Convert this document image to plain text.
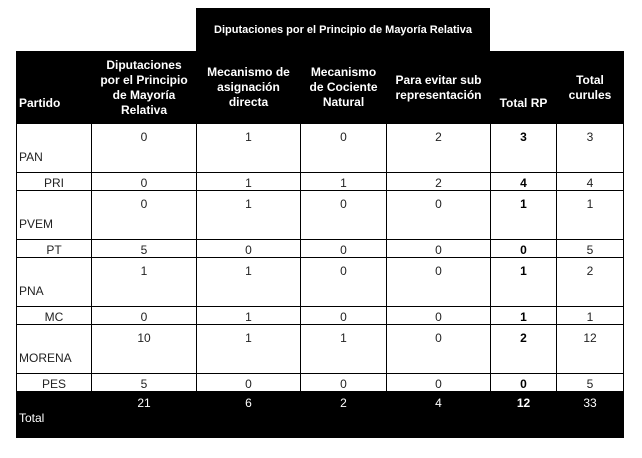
Diputaciones por el Principio de Mayoría Relativa
Partido	Diputaciones por el Principio de Mayoría Relativa	Mecanismo de asignación directa	Mecanismo de Cociente Natural	Para evitar sub representación	Total RP	Total curules
PAN	0	1	0	2	3	3
PRI	0	1	1	2	4	4
PVEM	0	1	0	0	1	1
PT	5	0	0	0	0	5
PNA	1	1	0	0	1	2
MC	0	1	0	0	1	1
MORENA	10	1	1	0	2	12
PES	5	0	0	0	0	5
Total	21	6	2	4	12	33
